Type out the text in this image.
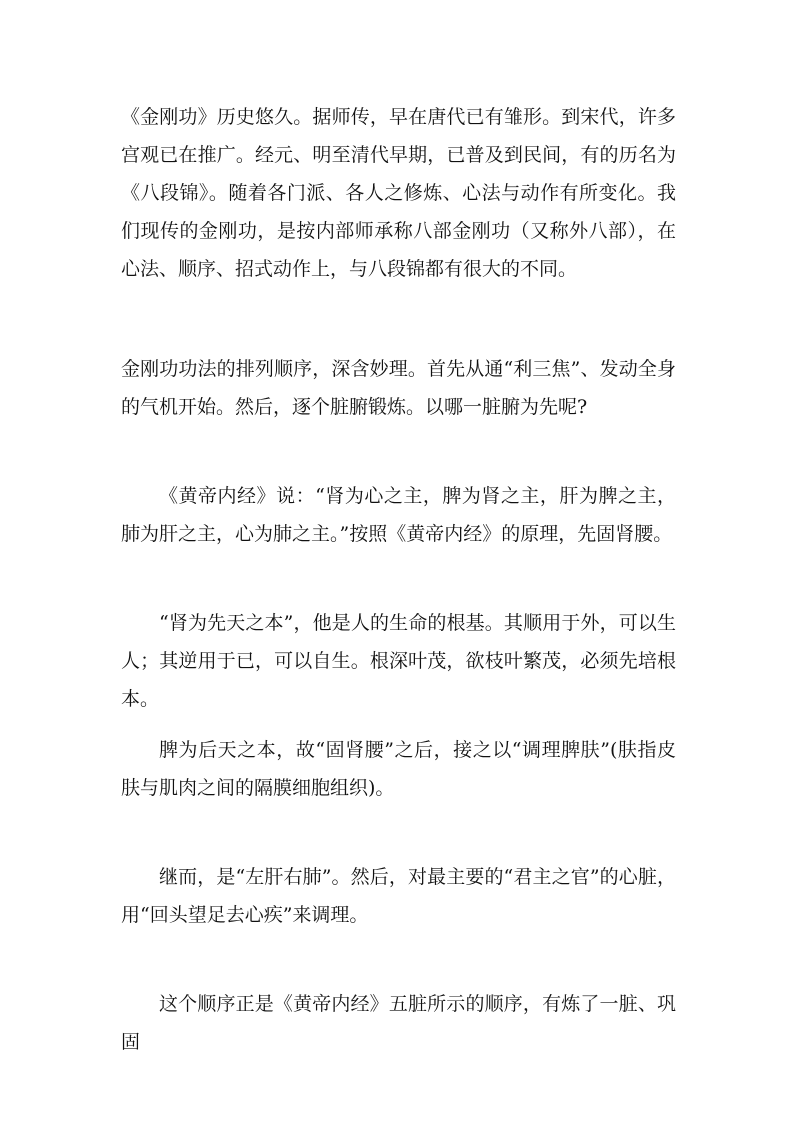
《金刚功》历史悠久。据师传，早在唐代已有雏形。到宋代，许多宫观已在推广。经元、明至清代早期，已普及到民间，有的历名为《八段锦》。随着各门派、各人之修炼、心法与动作有所变化。我们现传的金刚功，是按内部师承称八部金刚功（又称外八部），在心法、顺序、招式动作上，与八段锦都有很大的不同。

金刚功功法的排列顺序，深含妙理。首先从通“利三焦”、发动全身的气机开始。然后，逐个脏腑锻炼。以哪一脏腑为先呢?

《黄帝内经》说：“肾为心之主，脾为肾之主，肝为脾之主，肺为肝之主，心为肺之主。”按照《黄帝内经》的原理，先固肾腰。

“肾为先天之本”，他是人的生命的根基。其顺用于外，可以生人；其逆用于已，可以自生。根深叶茂，欲枝叶繁茂，必须先培根本。

脾为后天之本，故“固肾腰”之后，接之以“调理脾肤”(肤指皮肤与肌肉之间的隔膜细胞组织)。

继而，是“左肝右肺”。然后，对最主要的“君主之官”的心脏，用“回头望足去心疾”来调理。

这个顺序正是《黄帝内经》五脏所示的顺序，有炼了一脏、巩固
